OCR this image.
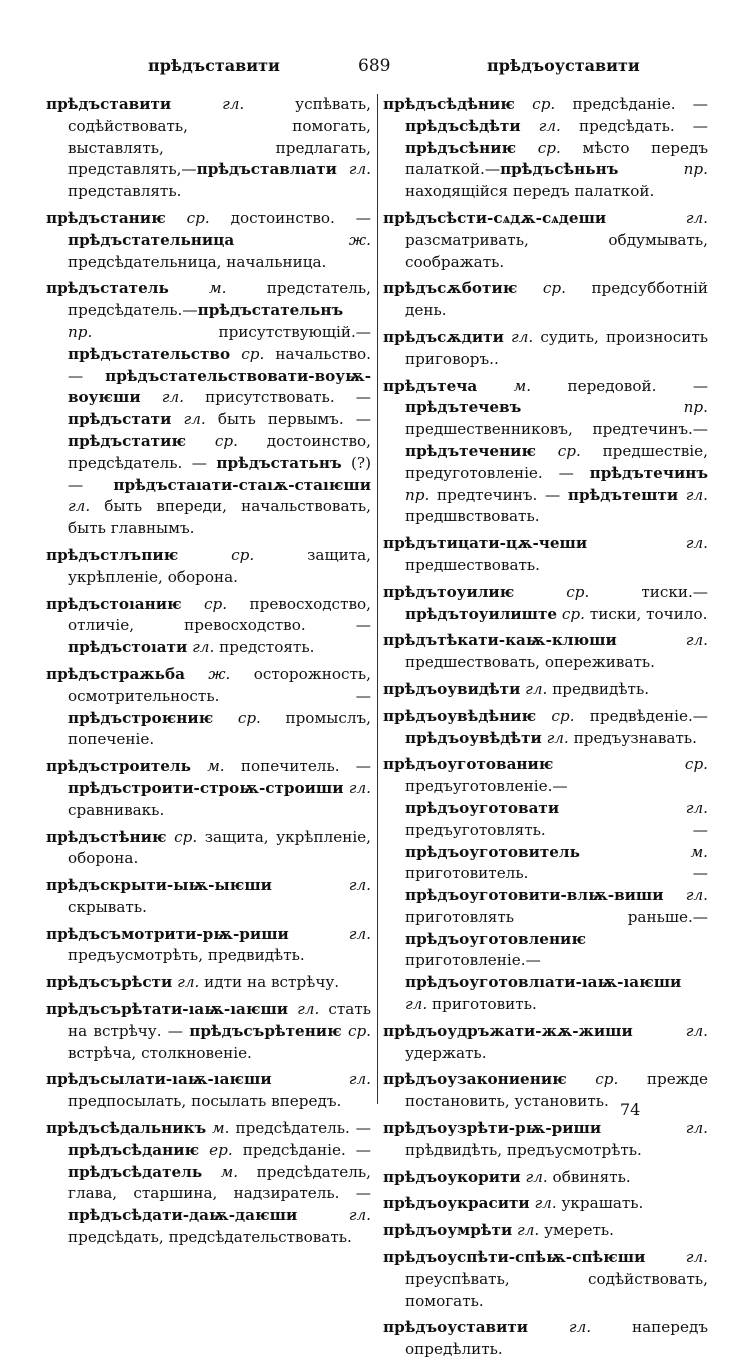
прѣдъставити	689	прѣдъоуставити
прѣдъставити гл. успѣвать, содѣйствовать, помогать, выставлять, предлагать, представлять,—прѣдъставлıати гл. представлять.
прѣдъстаниѥ ср. достоинство. — прѣдъстательница ж. предсѣдательница, начальница.
прѣдъстатель м. предстатель, предсѣдатель.—прѣдъстательнъ пр. присутствующій.—прѣдъстательство ср. начальство. — прѣдъстательствовати-воуѭ-воуѥши гл. присутствовать. — прѣдъстати гл. быть первымъ. — прѣдъстатиѥ ср. достоинство, предсѣдатель. — прѣдъстатьнъ (?) — прѣдъстаıати-стаıѫ-стаıѥши гл. быть впереди, начальствовать, быть главнымъ.
прѣдъстлъпиѥ ср. защита, укрѣпленіе, оборона.
прѣдъстоıаниѥ ср. превосходство, отличіе, превосходство. — прѣдъстоıати гл. предстоять.
прѣдъстражьба ж. осторожность, осмотрительность. — прѣдъстроѥниѥ ср. промыслъ, попеченіе.
прѣдъстроитель м. попечитель. — прѣдъстроити-строѭ-строиши гл. сравнивакь.
прѣдъстѣниѥ ср. защита, укрѣпленіе, оборона.
прѣдъскрыти-ыѭ-ыѥши гл. скрывать.
прѣдъсъмотрити-рѭ-риши гл. предъусмотрѣть, предвидѣть.
прѣдъсърѣсти гл. идти на встрѣчу.
прѣдъсърѣтати-ıаѭ-ıаѥши гл. стать на встрѣчу. — прѣдъсърѣтениѥ ср. встрѣча, столкновеніе.
прѣдъсылати-ıаѭ-ıаѥши гл. предпосылать, посылать впередъ.
прѣдъсѣдальникъ м. предсѣдатель. —прѣдъсѣданиѥ ер. предсѣданіе. —прѣдъсѣдатель м. предсѣдатель, глава, старшина, надзиратель. — прѣдъсѣдати-даѭ-даѥши гл. предсѣдать, предсѣдательствовать.
прѣдъсѣдѣниѥ ср. предсѣданіе. — прѣдъсѣдѣти гл. предсѣдать. — прѣдъсѣниѥ ср. мѣсто передъ палаткой.—прѣдъсѣньнъ пр. находящійся передъ палаткой.
прѣдъсѣсти-сѧдѫ-сѧдеши гл. разсматривать, обдумывать, соображать.
прѣдъсѫботиѥ ср. предсубботній день.
прѣдъсѫдити гл. судить, произносить приговоръ..
прѣдътеча м. передовой. — прѣдътечевъ пр. предшественниковъ, предтечинъ.—прѣдътечениѥ ср. предшествіе, предуготовленіе. — прѣдътечинъ пр. предтечинъ. — прѣдътешти гл. предшвствовать.
прѣдътицати-цѫ-чеши гл. предшествовать.
прѣдътоуилиѥ ср. тиски.—прѣдътоуилиште ср. тиски, точило.
прѣдътѣкати-каѭ-клюши гл. предшествовать, опереживать.
прѣдъоувидѣти гл. предвидѣть.
прѣдъоувѣдѣниѥ ср. предвѣденіе.— прѣдъоувѣдѣти гл. предъузнавать.
прѣдъоуготованиѥ ср. предъуготовленіе.—прѣдъоуготовати гл. предъуготовлять. — прѣдъоуготовитель м. приготовитель. — прѣдъоуготовити-влѭ-виши гл. приготовлять раньше.— прѣдъоуготовлениѥ приготовленіе.—прѣдъоуготовлıати-ıаѭ-ıаѥши гл. приготовить.
прѣдъоудръжати-жѫ-жиши гл. удержать.
прѣдъоузакониениѥ ср. прежде постановить, установить.
прѣдъоузрѣти-рѭ-риши гл. прѣдвидѣть, предъусмотрѣть.
прѣдъоукорити гл. обвинять.
прѣдъоукрасити гл. украшать.
прѣдъоумрѣти гл. умереть.
прѣдъоуспѣти-спѣѭ-спѣѥши гл. преуспѣвать, содѣйствовать, помогать.
прѣдъоуставити гл. напередъ опредѣлить.
74
